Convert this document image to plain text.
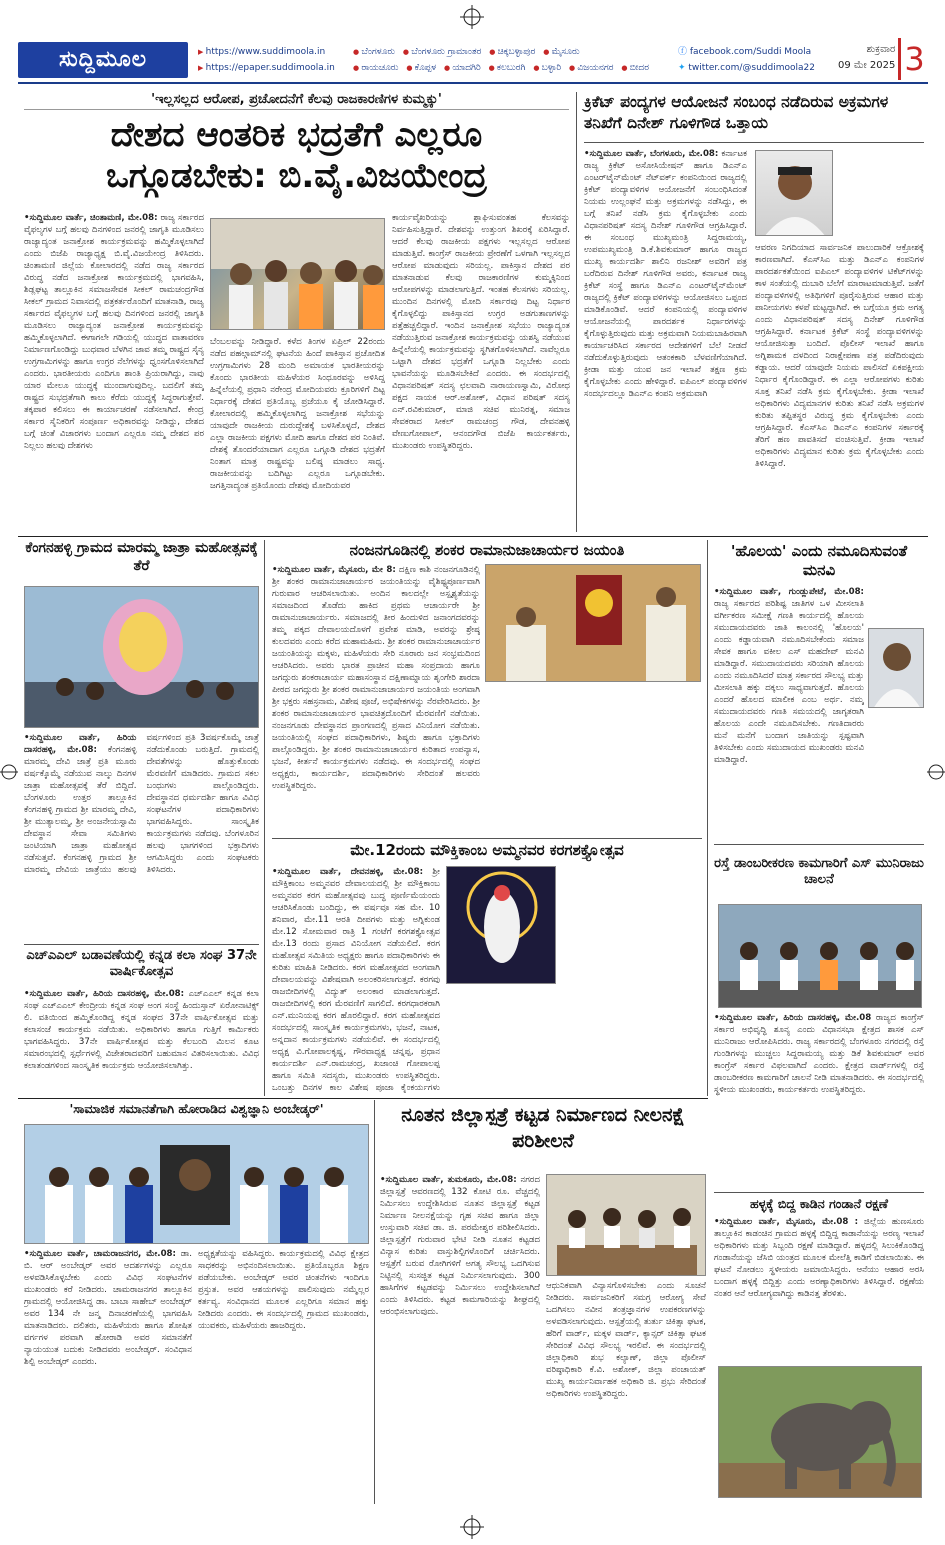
ಸುದ್ದಿಮೂಲ	▶ https://www.suddimoola.in
▶ https://epaper.suddimoola.in
● ಬೆಂಗಳೂರು ● ಬೆಂಗಳೂರು ಗ್ರಾಮಾಂತರ ● ಚಿಕ್ಕಬಳ್ಳಾಪುರ ● ಮೈಸೂರು
● ರಾಯಚೂರು ● ಕೊಪ್ಪಳ ● ಯಾದಗಿರಿ ● ಕಲಬುರಗಿ ● ಬಳ್ಳಾರಿ ● ವಿಜಯನಗರ ● ಬೀದರ
ⓕ facebook.com/Suddi Moola
✦ twitter.com/@suddimoola22
ಶುಕ್ರವಾರ
09 ಮೇ 2025 3
'ಇಲ್ಲಸಲ್ಲದ ಆರೋಪ, ಪ್ರಚೋದನೆಗೆ ಕೆಲವು ರಾಜಕಾರಣಿಗಳ ಕುಮ್ಮಕ್ಕು'
ದೇಶದ ಆಂತರಿಕ ಭದ್ರತೆಗೆ ಎಲ್ಲರೂ
ಒಗ್ಗೂಡಬೇಕು: ಬಿ.ವೈ.ವಿಜಯೇಂದ್ರ
•ಸುದ್ದಿಮೂಲ ವಾರ್ತೆ, ಚಿಂತಾಮಣಿ, ಮೇ.08: ರಾಜ್ಯ ಸರ್ಕಾರದ ವೈಫಲ್ಯಗಳ ಬಗ್ಗೆ ಹಲವು ದಿನಗಳಿಂದ ಜನರಲ್ಲಿ ಜಾಗೃತಿ ಮೂಡಿಸಲು ರಾಜ್ಯಾದ್ಯಂತ ಜನಾಕ್ರೋಶ ಕಾರ್ಯಕ್ರಮವನ್ನು ಹಮ್ಮಿಕೊಳ್ಳಲಾಗಿದೆ ಎಂದು ಬಿಜೆಪಿ ರಾಜ್ಯಾಧ್ಯಕ್ಷ ಬಿ.ವೈ.ವಿಜಯೇಂದ್ರ ತಿಳಿಸಿದರು. ಚಿಂತಾಮಣಿ ಜಿಲ್ಲೆಯ ಕೋಲಾರದಲ್ಲಿ ನಡೆದ ರಾಜ್ಯ ಸರ್ಕಾರದ ವಿರುದ್ಧ ನಡೆದ ಜನಾಕ್ರೋಶ ಕಾರ್ಯಕ್ರಮದಲ್ಲಿ ಭಾಗವಹಿಸಿ, ಶಿಡ್ಲಘಟ್ಟ ತಾಲ್ಲೂಕಿನ ಸಮಾಜಸೇವಕ ಸೀಕಲ್ ರಾಮಚಂದ್ರಗೌಡ ಸೀಕಲ್ ಗ್ರಾಮದ ನಿವಾಸದಲ್ಲಿ ಪತ್ರಕರ್ತರೊಂದಿಗೆ ಮಾತನಾಡಿ, ರಾಜ್ಯ ಸರ್ಕಾರದ ವೈಫಲ್ಯಗಳ ಬಗ್ಗೆ ಹಲವು ದಿನಗಳಿಂದ ಜನರಲ್ಲಿ ಜಾಗೃತಿ ಮೂಡಿಸಲು ರಾಜ್ಯಾದ್ಯಂತ ಜನಾಕ್ರೋಶ ಕಾರ್ಯಕ್ರಮವನ್ನು ಹಮ್ಮಿಕೊಳ್ಳಲಾಗಿದೆ. ಈಗಾಗಲೇ ಗಡಿಯಲ್ಲಿ ಯುದ್ಧದ ವಾತಾವರಣ ನಿರ್ಮಾಣಗೊಂಡಿದ್ದು ಬುಧವಾರ ಬೆಳಗಿನ ಜಾವ ತಮ್ಮ ರಾಷ್ಟ್ರದ ಸೈನ್ಯ ಉಗ್ರಗಾಮಿಗಳನ್ನು ಹಾಗೂ ಉಗ್ರರ ನೆಲೆಗಳನ್ನು ಧ್ವಂಸಗೊಳಿಸಲಾಗಿದೆ ಎಂದರು. ಭಾರತೀಯರು ಎಂದಿಗೂ ಶಾಂತಿ ಪ್ರಿಯರಾಗಿದ್ದು, ನಾವು ಯಾರ ಮೇಲೂ ಯುದ್ಧಕ್ಕೆ ಮುಂದಾಗುವುದಿಲ್ಲ. ಬದಲಿಗೆ ತಮ್ಮ ರಾಷ್ಟ್ರದ ಸುಭದ್ರತೆಗಾಗಿ ಕಾಲು ಕೆರೆದು ಯುದ್ಧಕ್ಕೆ ಸಿದ್ಧರಾಗುತ್ತೇವೆ. ತಕ್ಕಪಾಠ ಕಲಿಸಲು ಈ ಕಾರ್ಯಾಚರಣೆ ನಡೆಸಲಾಗಿದೆ. ಕೇಂದ್ರ ಸರ್ಕಾರ ಸೈನಿಕರಿಗೆ ಸಂಪೂರ್ಣ ಅಧಿಕಾರವನ್ನು ನೀಡಿದ್ದು, ದೇಶದ ಬಗ್ಗೆ ಚಿಂತೆ ವಿಚಾರಗಳು ಬಂದಾಗ ಎಲ್ಲರೂ ನಮ್ಮ ದೇಶದ ಪರ ನಿಲ್ಲಲು ಹಲವು ದೇಶಗಳು
ಬೆಂಬಲವನ್ನು ನೀಡಿದ್ದಾರೆ. ಕಳೆದ ತಿಂಗಳ ಏಪ್ರಿಲ್ 22ರಂದು ನಡೆದ ಪಹಲ್ಗಾಮ್‌ನಲ್ಲಿ ಘಟನೆಯ ಹಿಂದೆ ಪಾಕಿಸ್ತಾನ ಪ್ರಚೋದಿತ ಉಗ್ರಗಾಮಿಗಳು 28 ಮಂದಿ ಅಮಾಯಕ ಭಾರತೀಯರನ್ನು ಕೊಂದು ಭಾರತೀಯ ಮಹಿಳೆಯರ ಸಿಂಧೂರವನ್ನು ಅಳಿಸಿದ್ದ ಹಿನ್ನೆಲೆಯಲ್ಲಿ ಪ್ರಧಾನಿ ನರೇಂದ್ರ ಮೋದಿಯವರು ಕ್ರೂರಿಗಳಿಗೆ ದಿಟ್ಟ ನಿರ್ಧಾರಕ್ಕೆ ದೇಶದ ಪ್ರತಿಯೊಬ್ಬ ಪ್ರಜೆಯೂ ಕೈ ಜೋಡಿಸಿದ್ದಾರೆ. ಕೋಲಾರದಲ್ಲಿ ಹಮ್ಮಿಕೊಳ್ಳಲಾಗಿದ್ದ ಜನಾಕ್ರೋಶ ಸಭೆಯನ್ನು ಯಾವುದೇ ರಾಜಕೀಯ ದುರುದ್ದೇಶಕ್ಕೆ ಬಳಸಿಕೊಳ್ಳದೆ, ದೇಶದ ಎಲ್ಲಾ ರಾಜಕೀಯ ಪಕ್ಷಗಳು ಮೋದಿ ಹಾಗೂ ದೇಶದ ಪರ ನಿಂತಿವೆ. ದೇಶಕ್ಕೆ ತೊಂದರೆಯಾದಾಗ ಎಲ್ಲರೂ ಒಗ್ಗೂಡಿ ದೇಶದ ಭದ್ರತೆಗೆ ನಿಂತಾಗ ಮಾತ್ರ ರಾಷ್ಟ್ರವನ್ನು ಬಲಿಷ್ಠ ಮಾಡಲು ಸಾಧ್ಯ. ರಾಜಕೀಯವನ್ನು ಬದಿಗಿಟ್ಟು ಎಲ್ಲರೂ ಒಗ್ಗೂಡಬೇಕು. ಜಗತ್ತಿನಾದ್ಯಂತ ಪ್ರತಿಯೊಂದು ದೇಶವು ಮೋದಿಯವರ
ಕಾರ್ಯವೈಖರಿಯನ್ನು ಶ್ಲಾಘಿಸುವಂತಹ ಕೆಲಸವನ್ನು ನಿರ್ವಹಿಸುತ್ತಿದ್ದಾರೆ. ದೇಶವನ್ನು ಉತ್ತುಂಗ ಶಿಖರಕ್ಕೆ ಏರಿಸಿದ್ದಾರೆ. ಆದರೆ ಕೆಲವು ರಾಜಕೀಯ ಪಕ್ಷಗಳು ಇಲ್ಲಸಲ್ಲದ ಆರೋಪ ಮಾಡುತ್ತಿವೆ. ಕಾಂಗ್ರೆಸ್ ರಾಜಕೀಯ ಪ್ರೇರಣೆಗೆ ಒಳಗಾಗಿ ಇಲ್ಲಸಲ್ಲದ ಆರೋಪ ಮಾಡುವುದು ಸರಿಯಲ್ಲ. ಪಾಕಿಸ್ತಾನ ದೇಶದ ಪರ ಮಾತನಾಡುವ ಕೆಲವು ರಾಜಕಾರಣಿಗಳ ಕುಮ್ಮಕ್ಕಿನಿಂದ ಆರೋಪಗಳನ್ನು ಮಾಡಲಾಗುತ್ತಿದೆ. ಇಂತಹ ಕೆಲಸಗಳು ಸರಿಯಲ್ಲ. ಮುಂದಿನ ದಿನಗಳಲ್ಲಿ ಮೋದಿ ಸರ್ಕಾರವು ದಿಟ್ಟ ನಿರ್ಧಾರ ಕೈಗೊಳ್ಳಲಿದ್ದು ಪಾಕಿಸ್ತಾನದ ಉಗ್ರರ ಅಡಗುತಾಣಗಳನ್ನು ಪತ್ತೆಹಚ್ಚಲಿದ್ದಾರೆ. ಇಂದಿನ ಜನಾಕ್ರೋಶ ಸಭೆಯು ರಾಜ್ಯಾದ್ಯಂತ ನಡೆಯುತ್ತಿರುವ ಜನಾಕ್ರೋಶ ಕಾರ್ಯಕ್ರಮವನ್ನು ಯಶಸ್ವಿ ನಡೆಯುವ ಹಿನ್ನೆಲೆಯಲ್ಲಿ ಕಾರ್ಯಕ್ರಮವನ್ನು ಸ್ಥಗಿತಗೊಳಿಸಲಾಗಿದೆ. ನಾವೆಲ್ಲರೂ ಒಟ್ಟಾಗಿ ದೇಶದ ಭದ್ರತೆಗೆ ಒಗ್ಗೂಡಿ ನಿಲ್ಲಬೇಕು ಎಂದು ಭಾವನೆಯನ್ನು ಮೂಡಿಸಬೇಕಿದೆ ಎಂದರು. ಈ ಸಂದರ್ಭದಲ್ಲಿ ವಿಧಾನಪರಿಷತ್ ಸದಸ್ಯ ಛಲವಾದಿ ನಾರಾಯಣಸ್ವಾಮಿ, ವಿರೋಧ ಪಕ್ಷದ ನಾಯಕ ಆರ್.ಅಶೋಕ್, ವಿಧಾನ ಪರಿಷತ್ ಸದಸ್ಯ ಎನ್.ರವಿಕುಮಾರ್, ಮಾಜಿ ಸಚಿವ ಮುನಿರತ್ನ, ಸಮಾಜ ಸೇವಕರಾದ ಸೀಕಲ್ ರಾಮಚಂದ್ರ ಗೌಡ, ದೇವನಹಳ್ಳಿ ವೇಣುಗೋಪಾಲ್, ಆನಂದಗೌಡ ಬಿಜೆಪಿ ಕಾರ್ಯಕರ್ತರು, ಮುಖಂಡರು ಉಪಸ್ಥಿತರಿದ್ದರು.
ಕ್ರಿಕೆಟ್ ಪಂದ್ಯಗಳ ಆಯೋಜನೆ ಸಂಬಂಧ ನಡೆದಿರುವ ಅಕ್ರಮಗಳ ತನಿಖೆಗೆ ದಿನೇಶ್ ಗೂಳಿಗೌಡ ಒತ್ತಾಯ
•ಸುದ್ದಿಮೂಲ ವಾರ್ತೆ, ಬೆಂಗಳೂರು, ಮೇ.08: ಕರ್ನಾಟಕ ರಾಜ್ಯ ಕ್ರಿಕೆಟ್ ಅಸೋಸಿಯೇಷನ್ ಹಾಗೂ ಡಿಎನ್‌ಎ ಎಂಟರ್‌ಟೈನ್‌ಮೆಂಟ್ ನೆಟ್‌ವರ್ಕ್ ಕಂಪನಿಯಿಂದ ರಾಜ್ಯದಲ್ಲಿ ಕ್ರಿಕೆಟ್ ಪಂದ್ಯಾವಳಿಗಳ ಆಯೋಜನೆಗೆ ಸಂಬಂಧಿಸಿದಂತೆ ನಿಯಮ ಉಲ್ಲಂಘನೆ ಮತ್ತು ಅಕ್ರಮಗಳನ್ನು ನಡೆಸಿದ್ದು, ಈ ಬಗ್ಗೆ ತನಿಖೆ ನಡೆಸಿ ಕ್ರಮ ಕೈಗೊಳ್ಳಬೇಕು ಎಂದು ವಿಧಾನಪರಿಷತ್ ಸದಸ್ಯ ದಿನೇಶ್ ಗೂಳಿಗೌಡ ಆಗ್ರಹಿಸಿದ್ದಾರೆ. ಈ ಸಂಬಂಧ ಮುಖ್ಯಮಂತ್ರಿ ಸಿದ್ದರಾಮಯ್ಯ, ಉಪಮುಖ್ಯಮಂತ್ರಿ ಡಿ.ಕೆ.ಶಿವಕುಮಾರ್ ಹಾಗೂ ರಾಜ್ಯದ ಮುಖ್ಯ ಕಾರ್ಯದರ್ಶಿ ಶಾಲಿನಿ ರಜನೀಶ್ ಅವರಿಗೆ ಪತ್ರ ಬರೆದಿರುವ ದಿನೇಶ್ ಗೂಳಿಗೌಡ ಅವರು, ಕರ್ನಾಟಕ ರಾಜ್ಯ ಕ್ರಿಕೆಟ್ ಸಂಸ್ಥೆ ಹಾಗೂ ಡಿಎನ್‌ಎ ಎಂಟರ್‌ಟೈನ್‌ಮೆಂಟ್ ರಾಜ್ಯದಲ್ಲಿ ಕ್ರಿಕೆಟ್ ಪಂದ್ಯಾವಳಿಗಳನ್ನು ಆಯೋಜಿಸಲು ಒಪ್ಪಂದ ಮಾಡಿಕೊಂಡಿವೆ. ಆದರೆ ಕಂಪನಿಯಲ್ಲಿ ಪಂದ್ಯಾವಳಿಗಳ ಆಯೋಜನೆಯಲ್ಲಿ ಪಾರದರ್ಶಕ ನಿರ್ಧಾರಗಳನ್ನು ಕೈಗೊಳ್ಳುತ್ತಿರುವುದು ಮತ್ತು ಅಕ್ರಮವಾಗಿ ನಿಯಮಬಾಹಿರವಾಗಿ ಕಾರ್ಯಾಚರಿಸಿದ ಸರ್ಕಾರದ ಆದೇಶಗಳಿಗೆ ಬೆಲೆ ನೀಡದೆ ನಡೆದುಕೊಳ್ಳುತ್ತಿರುವುದು ಆತಂಕಕಾರಿ ಬೆಳವಣಿಗೆಯಾಗಿದೆ. ಕ್ರೀಡಾ ಮತ್ತು ಯುವ ಜನ ಇಲಾಖೆ ತಕ್ಷಣ ಕ್ರಮ ಕೈಗೊಳ್ಳಬೇಕು ಎಂದು ಹೇಳಿದ್ದಾರೆ. ಐಪಿಎಲ್ ಪಂದ್ಯಾವಳಿಗಳ ಸಂದರ್ಭದಲ್ಲೂ ಡಿಎನ್‌ಎ ಕಂಪನಿ ಅಕ್ರಮವಾಗಿ
ಆವರಣ ನಿಗದಿಯಾದ ಸಾರ್ವಜನಿಕ ಪಾಲುದಾರಿಕೆ ಆಕ್ರೋಶಕ್ಕೆ ಕಾರಣವಾಗಿದೆ. ಕೆಎಸ್‌ಸಿಎ ಮತ್ತು ಡಿಎನ್‌ಎ ಕಂಪನಿಗಳ ಪಾರದರ್ಶಕತೆಯಿಂದ ಐಪಿಎಲ್ ಪಂದ್ಯಾವಳಿಗಳ ಟಿಕೆಟ್‌ಗಳನ್ನು ಕಾಳ ಸಂತೆಯಲ್ಲಿ ದುಬಾರಿ ಬೆಲೆಗೆ ಮಾರಾಟಮಾಡುತ್ತಿವೆ. ಜತೆಗೆ ಪಂದ್ಯಾವಳಿಗಳಲ್ಲಿ ಅತಿಥಿಗಳಿಗೆ ಪೂರೈಸುತ್ತಿರುವ ಆಹಾರ ಮತ್ತು ಪಾನೀಯಗಳು ಕಳಪೆ ಮಟ್ಟದ್ದಾಗಿವೆ. ಈ ಬಗ್ಗೆಯೂ ಕ್ರಮ ಅಗತ್ಯ ಎಂದು ವಿಧಾನಪರಿಷತ್ ಸದಸ್ಯ ದಿನೇಶ್ ಗೂಳಿಗೌಡ ಆಗ್ರಹಿಸಿದ್ದಾರೆ. ಕರ್ನಾಟಕ ಕ್ರಿಕೆಟ್ ಸಂಸ್ಥೆ ಪಂದ್ಯಾವಳಿಗಳನ್ನು ಆಯೋಜಿಸುತ್ತಾ ಬಂದಿದೆ. ಪೊಲೀಸ್ ಇಲಾಖೆ ಹಾಗೂ ಅಗ್ನಿಶಾಮಕ ದಳದಿಂದ ನಿರಾಕ್ಷೇಪಣಾ ಪತ್ರ ಪಡೆದಿರುವುದು ಕಡ್ಡಾಯ. ಆದರೆ ಯಾವುದೇ ನಿಯಮ ಪಾಲಿಸದೆ ಏಕಪಕ್ಷೀಯ ನಿರ್ಧಾರ ಕೈಗೊಂಡಿದ್ದಾರೆ. ಈ ಎಲ್ಲಾ ಆರೋಪಗಳು ಕುರಿತು ಸೂಕ್ತ ತನಿಖೆ ನಡೆಸಿ ಕ್ರಮ ಕೈಗೊಳ್ಳಬೇಕು. ಕ್ರೀಡಾ ಇಲಾಖೆ ಅಧಿಕಾರಿಗಳು ವಿದ್ಯಮಾನಗಳ ಕುರಿತು ತನಿಖೆ ನಡೆಸಿ ಅಕ್ರಮಗಳ ಕುರಿತು ತಪ್ಪಿತಸ್ಥರ ವಿರುದ್ಧ ಕ್ರಮ ಕೈಗೊಳ್ಳಬೇಕು ಎಂದು ಆಗ್ರಹಿಸಿದ್ದಾರೆ. ಕೆಎಸ್‌ಸಿಎ ಡಿಎನ್‌ಎ ಕಂಪನಿಗಳ ಸರ್ಕಾರಕ್ಕೆ ತೆರಿಗೆ ಹಣ ಪಾವತಿಸದೆ ವಂಚಿಸುತ್ತಿವೆ. ಕ್ರೀಡಾ ಇಲಾಖೆ ಅಧಿಕಾರಿಗಳು ವಿದ್ಯಮಾನ ಕುರಿತು ಕ್ರಮ ಕೈಗೊಳ್ಳಬೇಕು ಎಂದು ತಿಳಿಸಿದ್ದಾರೆ.
ಕೆಂಗನಹಳ್ಳಿ ಗ್ರಾಮದ ಮಾರಮ್ಮ ಜಾತ್ರಾ ಮಹೋತ್ಸವಕ್ಕೆ ತೆರೆ
•ಸುದ್ದಿಮೂಲ ವಾರ್ತೆ, ಹಿರಿಯ ದಾಸರಹಳ್ಳಿ, ಮೇ.08: ಕೆಂಗನಹಳ್ಳಿ ಮಾರಮ್ಮ ದೇವಿ ಜಾತ್ರೆ ಪ್ರತಿ ಮೂರು ವರ್ಷಕ್ಕೊಮ್ಮೆ ನಡೆಯುವ ನಾಲ್ಕು ದಿನಗಳ ಜಾತ್ರಾ ಮಹೋತ್ಸವಕ್ಕೆ ತೆರೆ ಬಿದ್ದಿದೆ. ಬೆಂಗಳೂರು ಉತ್ತರ ತಾಲ್ಲೂಕಿನ ಕೆಂಗನಹಳ್ಳಿ ಗ್ರಾಮದ ಶ್ರೀ ಮಾರಮ್ಮ ದೇವಿ, ಶ್ರೀ ಮುತ್ಯಾಲಮ್ಮ, ಶ್ರೀ ಅಂಜನೇಯಸ್ವಾಮಿ ದೇವಸ್ಥಾನ ಸೇವಾ ಸಮಿತಿಗಳು ಜಂಟಿಯಾಗಿ ಜಾತ್ರಾ ಮಹೋತ್ಸವ ನಡೆಸುತ್ತವೆ. ಕೆಂಗನಹಳ್ಳಿ ಗ್ರಾಮದ ಶ್ರೀ ಮಾರಮ್ಮ ದೇವಿಯ ಜಾತ್ರೆಯು ಹಲವು ವರ್ಷಗಳಿಂದ ಪ್ರತಿ 3ವರ್ಷಕೊಮ್ಮೆ ಜಾತ್ರೆ ನಡೆದುಕೊಂಡು ಬರುತ್ತಿದೆ. ಗ್ರಾಮದಲ್ಲಿ ದೇವತೆಗಳನ್ನು ಹೊತ್ತುಕೊಂಡು ಮೆರವಣಿಗೆ ಮಾಡಿದರು. ಗ್ರಾಮದ ಸಕಲ ಬಂಧುಗಳು ಪಾಲ್ಗೊಂಡಿದ್ದರು. ದೇವಸ್ಥಾನದ ಧರ್ಮದರ್ಶಿ ಹಾಗೂ ವಿವಿಧ ಸಂಘಟನೆಗಳ ಪದಾಧಿಕಾರಿಗಳು ಭಾಗವಹಿಸಿದ್ದರು. ಸಾಂಸ್ಕೃತಿಕ ಕಾರ್ಯಕ್ರಮಗಳು ನಡೆದವು. ಬೆಂಗಳೂರಿನ ಹಲವು ಭಾಗಗಳಿಂದ ಭಕ್ತಾದಿಗಳು ಆಗಮಿಸಿದ್ದರು ಎಂದು ಸಂಘಟಕರು ತಿಳಿಸಿದರು.
ಎಚ್‌ಎಎಲ್ ಬಡಾವಣೆಯಲ್ಲಿ ಕನ್ನಡ ಕಲಾ ಸಂಘ 37ನೇ ವಾರ್ಷಿಕೋತ್ಸವ
•ಸುದ್ದಿಮೂಲ ವಾರ್ತೆ, ಹಿರಿಯ ದಾಸರಹಳ್ಳಿ, ಮೇ.08: ಎಚ್‌ಎಎಲ್ ಕನ್ನಡ ಕಲಾ ಸಂಘ ಎಚ್‌ಎಎಲ್ ಕೇಂದ್ರೀಯ ಕನ್ನಡ ಸಂಘ ಅಂಗ ಸಂಸ್ಥೆ ಹಿಂದುಸ್ತಾನ್ ಏರೋನಾಟಿಕ್ಸ್ ಲಿ. ವತಿಯಿಂದ ಹಮ್ಮಿಕೊಂಡಿದ್ದ ಕನ್ನಡ ಸಂಘದ 37ನೇ ವಾರ್ಷಿಕೋತ್ಸವ ಮತ್ತು ಕಲಾಸಂಜೆ ಕಾರ್ಯಕ್ರಮ ನಡೆಯಿತು. ಅಧಿಕಾರಿಗಳು ಹಾಗೂ ಗುತ್ತಿಗೆ ಕಾರ್ಮಿಕರು ಭಾಗವಹಿಸಿದ್ದರು. 37ನೇ ವಾರ್ಷಿಕೋತ್ಸವ ಮತ್ತು ಕೆಲಬಂದಿ ಮಿಲನ ಕೂಟ ಸಮಾರಂಭದಲ್ಲಿ ಸ್ಪರ್ಧೆಗಳಲ್ಲಿ ವಿಜೇತರಾದವರಿಗೆ ಬಹುಮಾನ ವಿತರಿಸಲಾಯಿತು. ವಿವಿಧ ಕಲಾತಂಡಗಳಿಂದ ಸಾಂಸ್ಕೃತಿಕ ಕಾರ್ಯಕ್ರಮ ಆಯೋಜಿಸಲಾಗಿತ್ತು.
ನಂಜನಗೂಡಿನಲ್ಲಿ ಶಂಕರ ರಾಮಾನುಜಾಚಾರ್ಯರ ಜಯಂತಿ
•ಸುದ್ದಿಮೂಲ ವಾರ್ತೆ, ಮೈಸೂರು, ಮೇ 8: ದಕ್ಷಿಣ ಕಾಶಿ ನಂಜನಗೂಡಿನಲ್ಲಿ ಶ್ರೀ ಶಂಕರ ರಾಮಾನುಜಾಚಾರ್ಯರ ಜಯಂತಿಯನ್ನು ವೈಶಿಷ್ಟ್ಯಪೂರ್ಣವಾಗಿ ಗುರುವಾರ ಆಚರಿಸಲಾಯಿತು. ಅಂದಿನ ಕಾಲದಲ್ಲೇ ಅಸ್ಪೃಶ್ಯತೆಯನ್ನು ಸಮಾಜದಿಂದ ತೊಡೆದು ಹಾಕಿದ ಪ್ರಥಮ ಆಚಾರ್ಯರೇ ಶ್ರೀ ರಾಮಾನುಜಾಚಾರ್ಯರು. ಸಮಾಜದಲ್ಲಿ ತೀರ ಹಿಂದುಳಿದ ಜನಾಂಗದವರನ್ನು ತಮ್ಮ ಪಕ್ಕದ ದೇವಾಲಯದೊಳಗೆ ಪ್ರವೇಶ ಮಾಡಿ, ಅವರನ್ನು ಶ್ರೇಷ್ಠ ಕುಲದವರು ಎಂದು ಕರೆದ ಮಹಾಮಹಿಮ. ಶ್ರೀ ಶಂಕರ ರಾಮಾನುಜಾಚಾರ್ಯರ ಜಯಂತಿಯನ್ನು ಮಕ್ಕಳು, ಮಹಿಳೆಯರು ಸೇರಿ ನೂರಾರು ಜನ ಸಂಭ್ರಮದಿಂದ ಆಚರಿಸಿದರು. ಅವರು ಭಾರತ ಪ್ರಾಚೀನ ಮಹಾ ಸಂಪ್ರದಾಯ ಹಾಗೂ ಜಗದ್ಗುರು ಶಂಕರಾಚಾರ್ಯ ಮಹಾಸಂಸ್ಥಾನ ದಕ್ಷಿಣಾಮ್ನಾಯ ಶೃಂಗೇರಿ ಶಾರದಾ ಪೀಠದ ಜಗದ್ಗುರು ಶ್ರೀ ಶಂಕರ ರಾಮಾನುಜಾಚಾರ್ಯರ ಜಯಂತಿಯ ಅಂಗವಾಗಿ ಶ್ರೀ ಭಕ್ತರು ಸಹಸ್ರನಾಮ, ವಿಶೇಷ ಪೂಜೆ, ಅಭಿಷೇಕಗಳನ್ನು ನೆರವೇರಿಸಿದರು. ಶ್ರೀ ಶಂಕರ ರಾಮಾನುಜಾಚಾರ್ಯರ ಭಾವಚಿತ್ರದೊಂದಿಗೆ ಮೆರವಣಿಗೆ ನಡೆಯಿತು. ನಂಜನಗೂಡು ದೇವಸ್ಥಾನದ ಪ್ರಾಂಗಣದಲ್ಲಿ ಪ್ರಸಾದ ವಿನಿಯೋಗ ನಡೆಯಿತು. ಜಯಂತಿಯಲ್ಲಿ ಸಂಘದ ಪದಾಧಿಕಾರಿಗಳು, ಶಿಷ್ಯರು ಹಾಗೂ ಭಕ್ತಾದಿಗಳು ಪಾಲ್ಗೊಂಡಿದ್ದರು. ಶ್ರೀ ಶಂಕರ ರಾಮಾನುಜಾಚಾರ್ಯರ ಕುರಿತಾದ ಉಪನ್ಯಾಸ, ಭಜನೆ, ಕೀರ್ತನೆ ಕಾರ್ಯಕ್ರಮಗಳು ನಡೆದವು. ಈ ಸಂದರ್ಭದಲ್ಲಿ ಸಂಘದ ಅಧ್ಯಕ್ಷರು, ಕಾರ್ಯದರ್ಶಿ, ಪದಾಧಿಕಾರಿಗಳು ಸೇರಿದಂತೆ ಹಲವರು ಉಪಸ್ಥಿತರಿದ್ದರು.
'ಹೊಲಯ' ಎಂದು ನಮೂದಿಸುವಂತೆ ಮನವಿ
•ಸುದ್ದಿಮೂಲ ವಾರ್ತೆ, ಗುಂಡ್ಲುಪೇಟೆ, ಮೇ.08: ರಾಜ್ಯ ಸರ್ಕಾರದ ಪರಿಶಿಷ್ಟ ಜಾತಿಗಳ ಒಳ ಮೀಸಲಾತಿ ವರ್ಗೀಕರಣ ಸಮೀಕ್ಷೆ ಗಣತಿ ಕಾರ್ಯದಲ್ಲಿ ಹೊಲಯ ಸಮುದಾಯದವರು ಜಾತಿ ಕಾಲಂನಲ್ಲಿ 'ಹೊಲಯ' ಎಂದು ಕಡ್ಡಾಯವಾಗಿ ನಮೂದಿಸಬೇಕೆಂದು ಸಮಾಜ ಸೇವಕ ಹಾಗೂ ವಕೀಲ ಎಸ್ ಮಹದೇವ್ ಮನವಿ ಮಾಡಿದ್ದಾರೆ. ಸಮುದಾಯದವರು ಸರಿಯಾಗಿ ಹೊಲಯ ಎಂದು ನಮೂದಿಸಿದರೆ ಮಾತ್ರ ಸರ್ಕಾರದ ಸೌಲಭ್ಯ ಮತ್ತು ಮೀಸಲಾತಿ ಹಕ್ಕು ದಕ್ಕಲು ಸಾಧ್ಯವಾಗುತ್ತದೆ. ಹೊಲಯ ಎಂದರೆ ಹೊಲದ ಮಾಲೀಕ ಎಂಬ ಅರ್ಥ. ನಮ್ಮ ಸಮುದಾಯದವರು ಗಣತಿ ಸಮಯದಲ್ಲಿ ಜಾಗೃತರಾಗಿ ಹೊಲಯ ಎಂದೇ ನಮೂದಿಸಬೇಕು. ಗಣತಿದಾರರು ಮನೆ ಮನೆಗೆ ಬಂದಾಗ ಜಾತಿಯನ್ನು ಸ್ಪಷ್ಟವಾಗಿ ತಿಳಿಸಬೇಕು ಎಂದು ಸಮುದಾಯದ ಮುಖಂಡರು ಮನವಿ ಮಾಡಿದ್ದಾರೆ.
ಮೇ.12ರಂದು ಮೌಕ್ತಿಕಾಂಬ ಅಮ್ಮನವರ ಕರಗಶಕ್ತ್ಯೋತ್ಸವ
•ಸುದ್ದಿಮೂಲ ವಾರ್ತೆ, ದೇವನಹಳ್ಳಿ, ಮೇ.08: ಶ್ರೀ ಮೌಕ್ತಿಕಾಂಬ ಅಮ್ಮನವರ ದೇವಾಲಯದಲ್ಲಿ ಶ್ರೀ ಮೌಕ್ತಿಕಾಂಬ ಅಮ್ಮನವರ ಕರಗ ಮಹೋತ್ಸವವು ಬುದ್ಧ ಪೂರ್ಣಿಮೆಯಂದು ಆಚರಿಸಿಕೊಂಡು ಬಂದಿದ್ದು, ಈ ವರ್ಷವೂ ಸಹ ಮೇ. 10 ಶನಿವಾರ, ಮೇ.11 ಆರತಿ ದೀಪಗಳು ಮತ್ತು ಅಗ್ನಿಕುಂಡ ಮೇ.12 ಸೋಮವಾರ ರಾತ್ರಿ 1 ಗಂಟೆಗೆ ಕರಗಶಕ್ತ್ಯೋತ್ಸವ ಮೇ.13 ರಂದು ಪ್ರಸಾದ ವಿನಿಯೋಗ ನಡೆಯಲಿದೆ. ಕರಗ ಮಹೋತ್ಸವ ಸಮಿತಿಯ ಅಧ್ಯಕ್ಷರು ಹಾಗೂ ಪದಾಧಿಕಾರಿಗಳು ಈ ಕುರಿತು ಮಾಹಿತಿ ನೀಡಿದರು. ಕರಗ ಮಹೋತ್ಸವದ ಅಂಗವಾಗಿ ದೇವಾಲಯವನ್ನು ವಿಶೇಷವಾಗಿ ಅಲಂಕರಿಸಲಾಗುತ್ತದೆ. ಕರಗವು ರಾಜಬೀದಿಗಳಲ್ಲಿ ವಿದ್ಯುತ್ ಅಲಂಕಾರ ಮಾಡಲಾಗುತ್ತದೆ. ರಾಜಬೀದಿಗಳಲ್ಲಿ ಕರಗ ಮೆರವಣಿಗೆ ಸಾಗಲಿದೆ. ಕರಗಧಾರಕರಾಗಿ ಎನ್.ಮುನಿಯಪ್ಪ ಕರಗ ಹೊರಲಿದ್ದಾರೆ. ಕರಗ ಮಹೋತ್ಸವದ ಸಂದರ್ಭದಲ್ಲಿ ಸಾಂಸ್ಕೃತಿಕ ಕಾರ್ಯಕ್ರಮಗಳು, ಭಜನೆ, ನಾಟಕ, ಅನ್ನದಾನ ಕಾರ್ಯಕ್ರಮಗಳು ನಡೆಯಲಿವೆ. ಈ ಸಂದರ್ಭದಲ್ಲಿ ಅಧ್ಯಕ್ಷ ವಿ.ಗೋಪಾಲಕೃಷ್ಣ, ಗೌರವಾಧ್ಯಕ್ಷ ಚನ್ನಪ್ಪ, ಪ್ರಧಾನ ಕಾರ್ಯದರ್ಶಿ ಎನ್.ರಾಮಚಂದ್ರ, ಖಜಾಂಚಿ ಗೋಪಾಲಪ್ಪ ಹಾಗೂ ಸಮಿತಿ ಸದಸ್ಯರು, ಮುಖಂಡರು ಉಪಸ್ಥಿತರಿದ್ದರು. ಒಂಬತ್ತು ದಿನಗಳ ಕಾಲ ವಿಶೇಷ ಪೂಜಾ ಕೈಂಕರ್ಯಗಳು
ರಸ್ತೆ ಡಾಂಬರೀಕರಣ ಕಾಮಗಾರಿಗೆ ಎಸ್ ಮುನಿರಾಜು ಚಾಲನೆ
•ಸುದ್ದಿಮೂಲ ವಾರ್ತೆ, ಹಿರಿಯ ದಾಸರಹಳ್ಳಿ, ಮೇ.08 ರಾಜ್ಯದ ಕಾಂಗ್ರೆಸ್ ಸರ್ಕಾರ ಅಭಿವೃದ್ಧಿ ಶೂನ್ಯ ಎಂದು ವಿಧಾನಸಭಾ ಕ್ಷೇತ್ರದ ಶಾಸಕ ಎಸ್ ಮುನಿರಾಜು ಆರೋಪಿಸಿದರು. ರಾಜ್ಯ ಸರ್ಕಾರದಲ್ಲಿ ಬೆಂಗಳೂರು ನಗರದಲ್ಲಿ ರಸ್ತೆ ಗುಂಡಿಗಳನ್ನು ಮುಚ್ಚಲು ಸಿದ್ದರಾಮಯ್ಯ ಮತ್ತು ಡಿಕೆ ಶಿವಕುಮಾರ್ ಅವರ ಕಾಂಗ್ರೆಸ್ ಸರ್ಕಾರ ವಿಫಲವಾಗಿದೆ ಎಂದರು. ಕ್ಷೇತ್ರದ ವಾರ್ಡ್‌ಗಳಲ್ಲಿ ರಸ್ತೆ ಡಾಂಬರೀಕರಣ ಕಾಮಗಾರಿಗೆ ಚಾಲನೆ ನೀಡಿ ಮಾತನಾಡಿದರು. ಈ ಸಂದರ್ಭದಲ್ಲಿ ಸ್ಥಳೀಯ ಮುಖಂಡರು, ಕಾರ್ಯಕರ್ತರು ಉಪಸ್ಥಿತರಿದ್ದರು.
'ಸಾಮಾಜಿಕ ಸಮಾನತೆಗಾಗಿ ಹೋರಾಡಿದ ವಿಶ್ವಜ್ಞಾನಿ ಅಂಬೇಡ್ಕರ್'
•ಸುದ್ದಿಮೂಲ ವಾರ್ತೆ, ಚಾಮರಾಜನಗರ, ಮೇ.08: ಡಾ. ಬಿ. ಆರ್ ಅಂಬೇಡ್ಕರ್ ಅವರ ಆದರ್ಶಗಳನ್ನು ಎಲ್ಲರೂ ಅಳವಡಿಸಿಕೊಳ್ಳಬೇಕು ಎಂದು ವಿವಿಧ ಸಂಘಟನೆಗಳ ಮುಖಂಡರು ಕರೆ ನೀಡಿದರು. ಚಾಮರಾಜನಗರ ತಾಲ್ಲೂಕಿನ ಗ್ರಾಮದಲ್ಲಿ ಆಯೋಜಿಸಿದ್ದ ಡಾ. ಬಾಬಾ ಸಾಹೇಬ್ ಅಂಬೇಡ್ಕರ್ ಅವರ 134 ನೇ ಜನ್ಮ ದಿನಾಚರಣೆಯಲ್ಲಿ ಭಾಗವಹಿಸಿ ಮಾತನಾಡಿದರು. ದಲಿತರು, ಮಹಿಳೆಯರು ಹಾಗೂ ಶೋಷಿತ ವರ್ಗಗಳ ಪರವಾಗಿ ಹೋರಾಡಿ ಅವರ ಸಮಾನತೆಗೆ ನ್ಯಾಯಯುತ ಬದುಕು ನೀಡಿದವರು ಅಂಬೇಡ್ಕರ್. ಸಂವಿಧಾನ ಶಿಲ್ಪಿ ಅಂಬೇಡ್ಕರ್ ಎಂದರು.
ಅಧ್ಯಕ್ಷತೆಯನ್ನು ವಹಿಸಿದ್ದರು. ಕಾರ್ಯಕ್ರಮದಲ್ಲಿ ವಿವಿಧ ಕ್ಷೇತ್ರದ ಸಾಧಕರನ್ನು ಅಭಿನಂದಿಸಲಾಯಿತು. ಪ್ರತಿಯೊಬ್ಬರೂ ಶಿಕ್ಷಣ ಪಡೆಯಬೇಕು. ಅಂಬೇಡ್ಕರ್ ಅವರ ಚಿಂತನೆಗಳು ಇಂದಿಗೂ ಪ್ರಸ್ತುತ. ಅವರ ಆಶಯಗಳನ್ನು ಪಾಲಿಸುವುದು ನಮ್ಮೆಲ್ಲರ ಕರ್ತವ್ಯ. ಸಂವಿಧಾನದ ಮೂಲಕ ಎಲ್ಲರಿಗೂ ಸಮಾನ ಹಕ್ಕು ನೀಡಿದರು ಎಂದರು. ಈ ಸಂದರ್ಭದಲ್ಲಿ ಗ್ರಾಮದ ಮುಖಂಡರು, ಯುವಕರು, ಮಹಿಳೆಯರು ಹಾಜರಿದ್ದರು.
ನೂತನ ಜಿಲ್ಲಾಸ್ಪತ್ರೆ ಕಟ್ಟಡ ನಿರ್ಮಾಣದ ನೀಲನಕ್ಷೆ ಪರಿಶೀಲನೆ
•ಸುದ್ದಿಮೂಲ ವಾರ್ತೆ, ತುಮಕೂರು, ಮೇ.08: ನಗರದ ಜಿಲ್ಲಾಸ್ಪತ್ರೆ ಆವರಣದಲ್ಲಿ 132 ಕೋಟಿ ರೂ. ವೆಚ್ಚದಲ್ಲಿ ನಿರ್ಮಿಸಲು ಉದ್ದೇಶಿಸಿರುವ ನೂತನ ಜಿಲ್ಲಾಸ್ಪತ್ರೆ ಕಟ್ಟಡ ನಿರ್ಮಾಣ ನೀಲನಕ್ಷೆಯನ್ನು ಗೃಹ ಸಚಿವ ಹಾಗೂ ಜಿಲ್ಲಾ ಉಸ್ತುವಾರಿ ಸಚಿವ ಡಾ. ಜಿ. ಪರಮೇಶ್ವರ ಪರಿಶೀಲಿಸಿದರು. ಜಿಲ್ಲಾಸ್ಪತ್ರೆಗೆ ಗುರುವಾರ ಭೇಟಿ ನೀಡಿ ನೂತನ ಕಟ್ಟಡದ ವಿನ್ಯಾಸ ಕುರಿತು ವಾಸ್ತುಶಿಲ್ಪಿಗಳೊಂದಿಗೆ ಚರ್ಚಿಸಿದರು. ಆಸ್ಪತ್ರೆಗೆ ಬರುವ ರೋಗಿಗಳಿಗೆ ಅಗತ್ಯ ಸೌಲಭ್ಯ ಒದಗಿಸುವ ನಿಟ್ಟಿನಲ್ಲಿ ಸುಸಜ್ಜಿತ ಕಟ್ಟಡ ನಿರ್ಮಿಸಲಾಗುವುದು. 300 ಹಾಸಿಗೆಗಳ ಕಟ್ಟಡವನ್ನು ನಿರ್ಮಿಸಲು ಉದ್ದೇಶಿಸಲಾಗಿದೆ ಎಂದು ತಿಳಿಸಿದರು. ಕಟ್ಟಡ ಕಾಮಗಾರಿಯನ್ನು ಶೀಘ್ರದಲ್ಲಿ ಆರಂಭಿಸಲಾಗುವುದು.
ಆಧುನಿಕವಾಗಿ ವಿನ್ಯಾಸಗೊಳಿಸಬೇಕು ಎಂದು ಸೂಚನೆ ನೀಡಿದರು. ಸಾರ್ವಜನಿಕರಿಗೆ ಸಮಗ್ರ ಆರೋಗ್ಯ ಸೇವೆ ಒದಗಿಸಲು ನವೀನ ತಂತ್ರಜ್ಞಾನಗಳ ಉಪಕರಣಗಳನ್ನು ಅಳವಡಿಸಲಾಗುವುದು. ಆಸ್ಪತ್ರೆಯಲ್ಲಿ ತುರ್ತು ಚಿಕಿತ್ಸಾ ಘಟಕ, ಹೆರಿಗೆ ವಾರ್ಡ್, ಮಕ್ಕಳ ವಾರ್ಡ್, ಕ್ಯಾನ್ಸರ್ ಚಿಕಿತ್ಸಾ ಘಟಕ ಸೇರಿದಂತೆ ವಿವಿಧ ಸೌಲಭ್ಯ ಇರಲಿವೆ. ಈ ಸಂದರ್ಭದಲ್ಲಿ ಜಿಲ್ಲಾಧಿಕಾರಿ ಶುಭ ಕಲ್ಯಾಣ್, ಜಿಲ್ಲಾ ಪೊಲೀಸ್ ವರಿಷ್ಠಾಧಿಕಾರಿ ಕೆ.ವಿ. ಅಶೋಕ್, ಜಿಲ್ಲಾ ಪಂಚಾಯತ್ ಮುಖ್ಯ ಕಾರ್ಯನಿರ್ವಾಹಕ ಅಧಿಕಾರಿ ಜಿ. ಪ್ರಭು ಸೇರಿದಂತೆ ಅಧಿಕಾರಿಗಳು ಉಪಸ್ಥಿತರಿದ್ದರು.
ಹಳ್ಳಕ್ಕೆ ಬಿದ್ದ ಕಾಡಿನ ಗಂಡಾನೆ ರಕ್ಷಣೆ
•ಸುದ್ದಿಮೂಲ ವಾರ್ತೆ, ಮೈಸೂರು, ಮೇ.08 : ಜಿಲ್ಲೆಯ ಹುಣಸೂರು ತಾಲ್ಲೂಕಿನ ಕಾಡಂಚಿನ ಗ್ರಾಮದ ಹಳ್ಳಕ್ಕೆ ಬಿದ್ದಿದ್ದ ಕಾಡಾನೆಯನ್ನು ಅರಣ್ಯ ಇಲಾಖೆ ಅಧಿಕಾರಿಗಳು ಮತ್ತು ಸಿಬ್ಬಂದಿ ರಕ್ಷಣೆ ಮಾಡಿದ್ದಾರೆ. ಹಳ್ಳದಲ್ಲಿ ಸಿಲುಕಿಕೊಂಡಿದ್ದ ಗಂಡಾನೆಯನ್ನು ಜೆಸಿಬಿ ಯಂತ್ರದ ಮೂಲಕ ಮೇಲೆತ್ತಿ ಕಾಡಿಗೆ ಬಿಡಲಾಯಿತು. ಈ ಘಟನೆ ನೋಡಲು ಸ್ಥಳೀಯರು ಜಮಾಯಿಸಿದ್ದರು. ಆನೆಯು ಆಹಾರ ಅರಸಿ ಬಂದಾಗ ಹಳ್ಳಕ್ಕೆ ಬಿದ್ದಿತ್ತು ಎಂದು ಅರಣ್ಯಾಧಿಕಾರಿಗಳು ತಿಳಿಸಿದ್ದಾರೆ. ರಕ್ಷಣೆಯ ನಂತರ ಆನೆ ಆರೋಗ್ಯವಾಗಿದ್ದು ಕಾಡಿನತ್ತ ತೆರಳಿತು.
